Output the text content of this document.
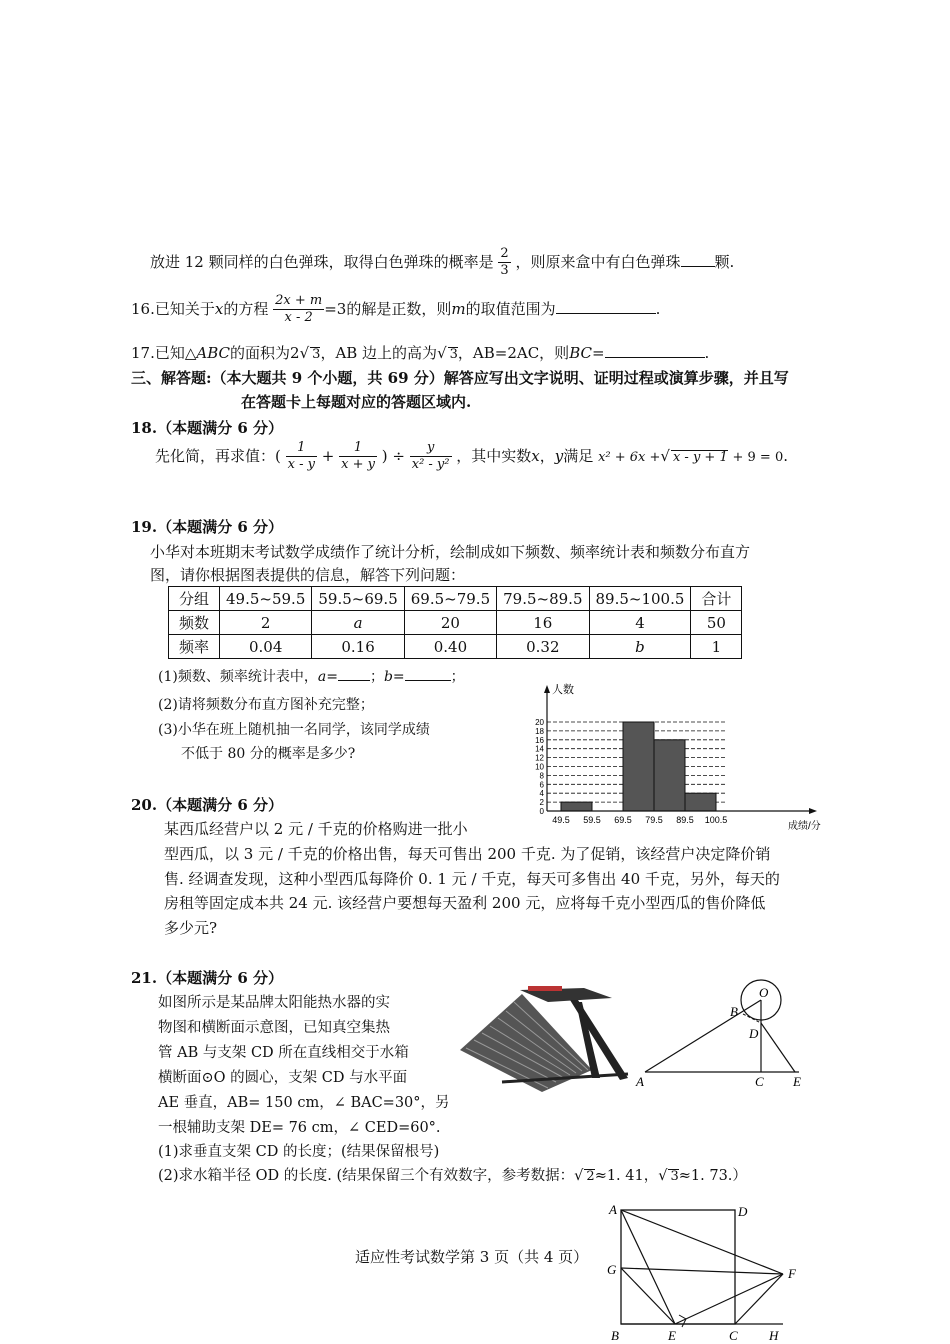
放进 12 颗同样的白色弹珠，取得白色弹珠的概率是 $\frac{2}{3}$ ，则原来盒中有白色弹珠 颗.
16.已知关于x的方程 $\frac{2x + m}{x - 2} =3$的解是正数，则m的取值范围为	.
17.已知△ABC的面积为2√ 3，AB 边上的高为√ 3，AB=2AC，则BC=	.
三、解答题:（本大题共 9 个小题，共 69 分）解答应写出文字说明、证明过程或演算步骤，并且写
在答题卡上每题对应的答题区域内.
18.（本题满分 6 分）
先化简，再求值：( $\frac{1}{x - y} + \frac{1}{x + y}$ ) ÷ $\frac{y}{\text{x² - y²}}$ ，其中实数x，y满足 x² + 6x +√ x - y + 1 + 9 = 0.
19.（本题满分 6 分）
小华对本班期末考试数学成绩作了统计分析，绘制成如下频数、频率统计表和频数分布直方
图，请你根据图表提供的信息，解答下列问题：
分组	49.5~59.5	59.5~69.5	69.5~79.5	79.5~89.5	89.5~100.5	合计
频数	2	a	20	16	4	50
频率	0.04	0.16	0.40	0.32	b	1
(1)频数、频率统计表中，a= ；b=	；
(2)请将频数分布直方图补充完整；
(3)小华在班上随机抽一名同学，该同学成绩
不低于 80 分的概率是多少?
人数
成绩/分
0
2
4
6
8
10
12
14
16
18
20
49.5 59.5 69.5 79.5 89.5 100.5
20.（本题满分 6 分）
某西瓜经营户以 2 元 / 千克的价格购进一批小
型西瓜，以 3 元 / 千克的价格出售，每天可售出 200 千克. 为了促销，该经营户决定降价销
售. 经调查发现，这种小型西瓜每降价 0. 1 元 / 千克，每天可多售出 40 千克，另外，每天的
房租等固定成本共 24 元. 该经营户要想每天盈利 200 元，应将每千克小型西瓜的售价降低
多少元?
21.（本题满分 6 分）
如图所示是某品牌太阳能热水器的实
物图和横断面示意图，已知真空集热
管 AB 与支架 CD 所在直线相交于水箱
横断面⊙O 的圆心，支架 CD 与水平面
AE 垂直，AB= 150 cm，∠ BAC=30°，另
一根辅助支架 DE= 76 cm，∠ CED=60°.
(1)求垂直支架 CD 的长度；(结果保留根号)
(2)求水箱半径 OD 的长度. (结果保留三个有效数字，参考数据：√ 2≈1. 41，√ 3≈1. 73.）
O
B
D
A	C E
A	D
G	F
B	E	C H
适应性考试数学第 3 页（共 4 页）
